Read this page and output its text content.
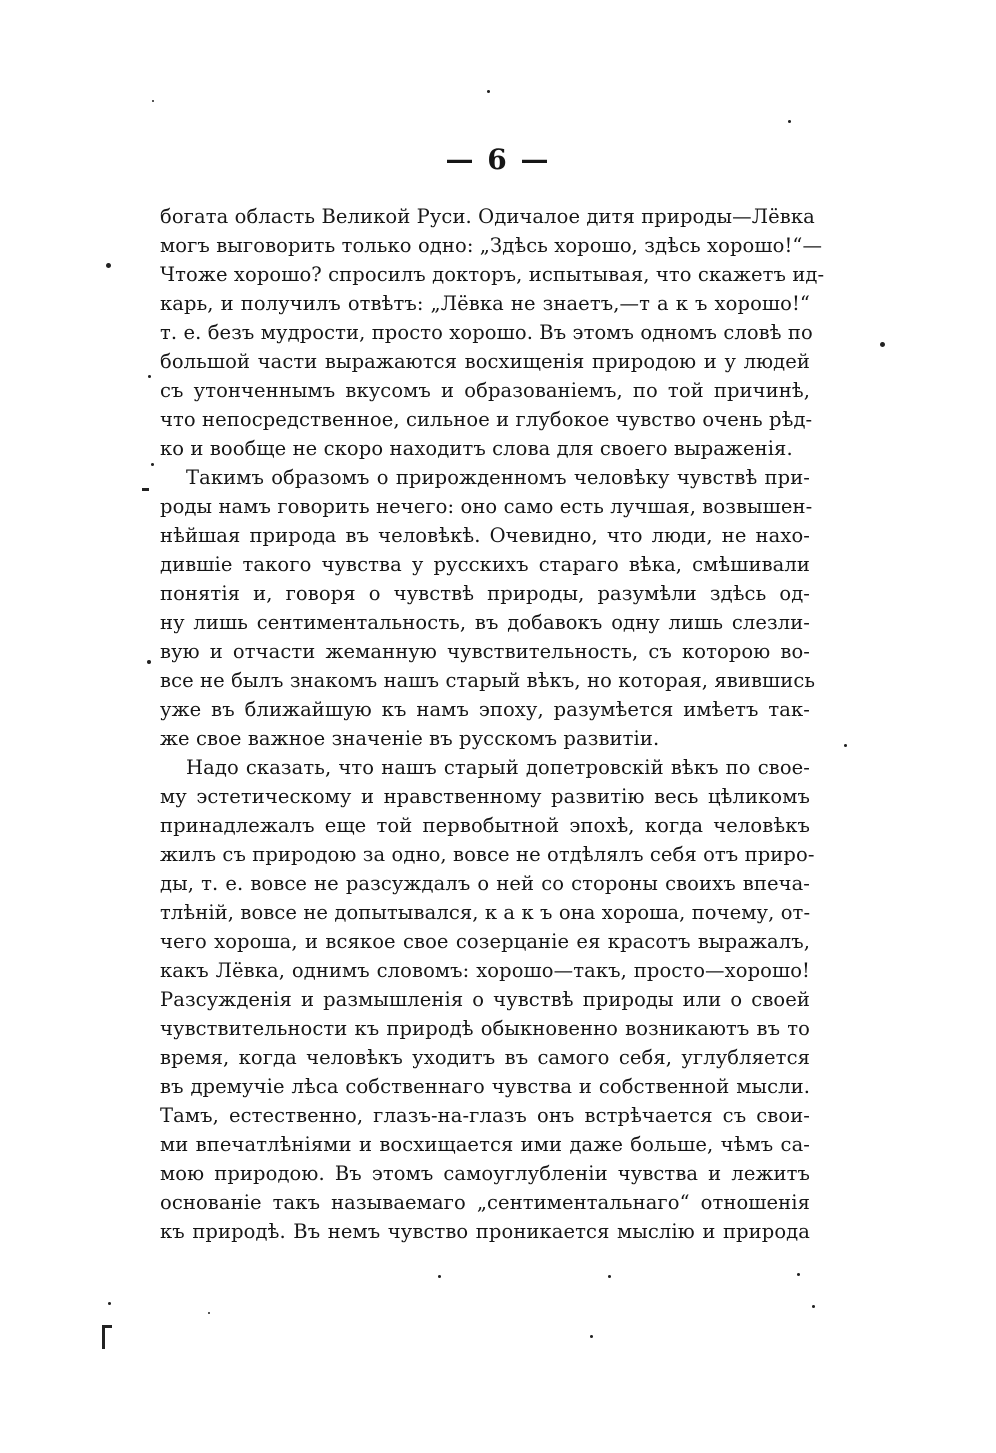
— 6 —
богата область Великой Руси. Одичалое дитя природы—Лёвка
могъ выговорить только одно: „Здѣсь хорошо, здѣсь хорошо!“—
Чтоже хорошо? спросилъ докторъ, испытывая, что скажетъ ид-
карь, и получилъ отвѣтъ: „Лёвка не знаетъ,—т а к ъ хорошо!“
т. е. безъ мудрости, просто хорошо. Въ этомъ одномъ словѣ по
большой части выражаются восхищенія природою и у людей
съ утонченнымъ вкусомъ и образованіемъ, по той причинѣ,
что непосредственное, сильное и глубокое чувство очень рѣд-
ко и вообще не скоро находитъ слова для своего выраженія.
Такимъ образомъ о прирожденномъ человѣку чувствѣ при-
роды намъ говорить нечего: оно само есть лучшая, возвышен-
нѣйшая природа въ человѣкѣ. Очевидно, что люди, не нахо-
дившіе такого чувства у русскихъ стараго вѣка, смѣшивали
понятія и, говоря о чувствѣ природы, разумѣли здѣсь од-
ну лишь сентиментальность, въ добавокъ одну лишь слезли-
вую и отчасти жеманную чувствительность, съ которою во-
все не былъ знакомъ нашъ старый вѣкъ, но которая, явившись
уже въ ближайшую къ намъ эпоху, разумѣется имѣетъ так-
же свое важное значеніе въ русскомъ развитіи.
Надо сказать, что нашъ старый допетровскій вѣкъ по свое-
му эстетическому и нравственному развитію весь цѣликомъ
принадлежалъ еще той первобытной эпохѣ, когда человѣкъ
жилъ съ природою за одно, вовсе не отдѣлялъ себя отъ приро-
ды, т. е. вовсе не разсуждалъ о ней со стороны своихъ впеча-
тлѣній, вовсе не допытывался, к а к ъ она хороша, почему, от-
чего хороша, и всякое свое созерцаніе ея красотъ выражалъ,
какъ Лёвка, однимъ словомъ: хорошо—такъ, просто—хорошо!
Разсужденія и размышленія о чувствѣ природы или о своей
чувствительности къ природѣ обыкновенно возникаютъ въ то
время, когда человѣкъ уходитъ въ самого себя, углубляется
въ дремучіе лѣса собственнаго чувства и собственной мысли.
Тамъ, естественно, глазъ-на-глазъ онъ встрѣчается съ свои-
ми впечатлѣніями и восхищается ими даже больше, чѣмъ са-
мою природою. Въ этомъ самоуглубленіи чувства и лежитъ
основаніе такъ называемаго „сентиментальнаго“ отношенія
къ природѣ. Въ немъ чувство проникается мыслію и природа
